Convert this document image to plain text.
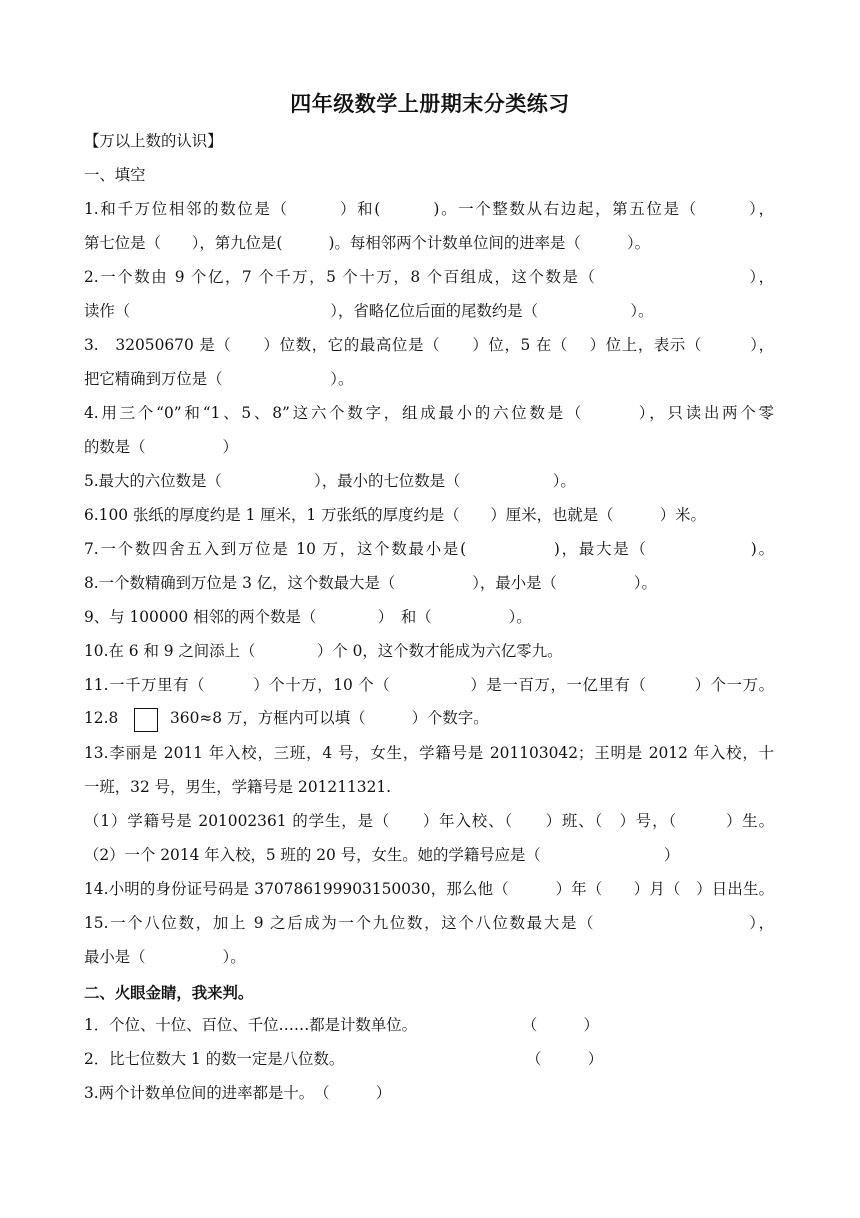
四年级数学上册期末分类练习
【万以上数的认识】
一、填空
1.和千万位相邻的数位是（　　　）和(　　　)。一个整数从右边起，第五位是（　　　），
第七位是（　　），第九位是(　　　)。每相邻两个计数单位间的进率是（　　　）。
2.一个数由 9 个亿，7 个千万，5 个十万，8 个百组成，这个数是（　　　　　　　　　），
读作（　　　　　　　　　　　　　），省略亿位后面的尾数约是（　　　　　　）。
3.　32050670 是（　　）位数，它的最高位是（　　）位，5 在（　 ）位上，表示（　　　），
把它精确到万位是（　　　　　　　）。
4.用三个“0”和“1、5、8”这六个数字，组成最小的六位数是（　　　），只读出两个零
的数是（　　　　　）
5.最大的六位数是（　　　　　　），最小的七位数是（　　　　　　）。
6.100 张纸的厚度约是 1 厘米，1 万张纸的厚度约是（　　）厘米，也就是（　　　）米。
7.一个数四舍五入到万位是 10 万，这个数最小是(　　　　　)，最大是（　　　　　　)。
8.一个数精确到万位是 3 亿，这个数最大是（　　　　　），最小是（　　　　　）。
9、与 100000 相邻的两个数是（　　　　）　和（　　　　　）。
10.在 6 和 9 之间添上（　　　　）个 0，这个数才能成为六亿零九。
11.一千万里有（　　　）个十万，10 个（　　　　　）是一百万，一亿里有（　　　）个一万。
12.8	360≈8 万，方框内可以填（　　　）个数字。
13.李丽是 2011 年入校，三班，4 号，女生，学籍号是 201103042；王明是 2012 年入校，十
一班，32 号，男生，学籍号是 201211321.
（1）学籍号是 201002361 的学生，是（　　）年入校、（　　）班、（　）号，（　　　）生。
（2）一个 2014 年入校，5 班的 20 号，女生。她的学籍号应是（　　　　　　　　）
14.小明的身份证号码是 370786199903150030，那么他（　　　）年（　　）月（　）日出生。
15.一个八位数，加上 9 之后成为一个九位数，这个八位数最大是（　　　　　　　　　），
最小是（　　　　　）。
二、火眼金睛，我来判。
1．个位、十位、百位、千位……都是计数单位。　　　　　　　 （　　　）
2．比七位数大 1 的数一定是八位数。　　　　　　　　　　　　 （　　　）
3.两个计数单位间的进率都是十。　（　　　）
